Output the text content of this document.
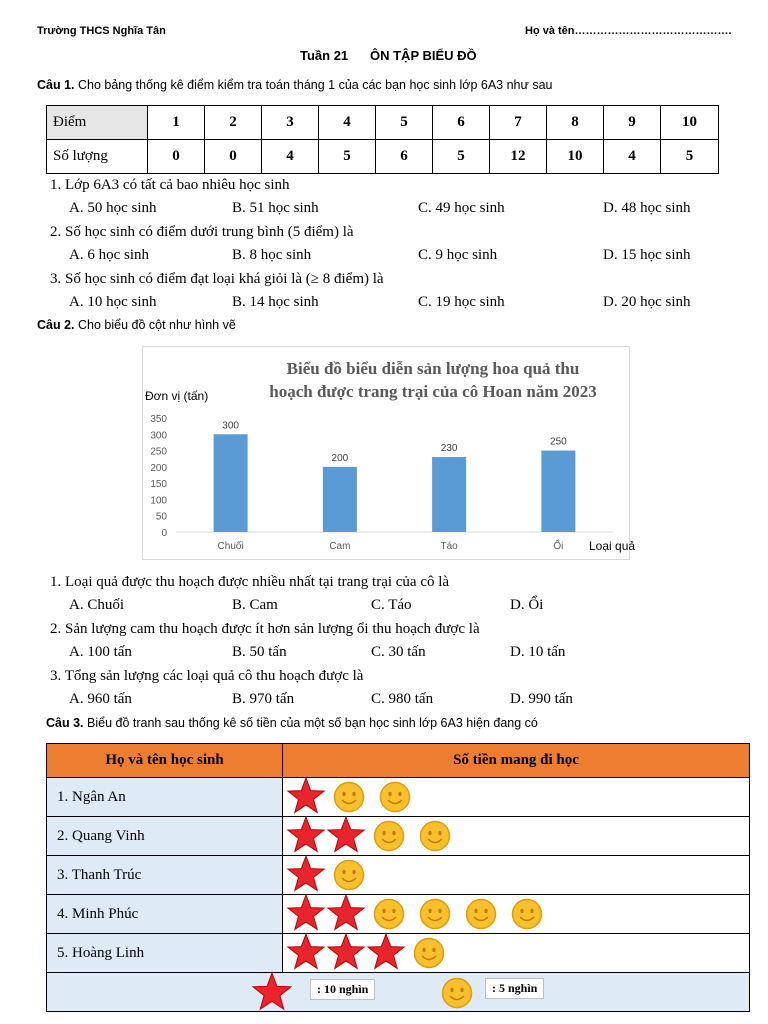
Trường THCS Nghĩa Tân	Họ và tên…………………………………….
Tuần 21 ÔN TẬP BIỂU ĐỒ
Câu 1. Cho bảng thống kê điểm kiểm tra toán tháng 1 của các bạn học sinh lớp 6A3 như sau
Điểm	1	2	3	4	5	6	7	8	9	10
Số lượng	0	0	4	5	6	5	12	10	4	5
1. Lớp 6A3 có tất cả bao nhiêu học sinh
A. 50 học sinh	B. 51 học sinh	C. 49 học sinh	D. 48 học sinh
2. Số học sinh có điểm dưới trung bình (5 điểm) là
A. 6 học sinh	B. 8 học sinh	C. 9 học sinh	D. 15 học sinh
3. Số học sinh có điểm đạt loại khá giỏi là (≥ 8 điểm) là
A. 10 học sinh	B. 14 học sinh	C. 19 học sinh	D. 20 học sinh
Câu 2. Cho biểu đồ cột như hình vẽ
Biểu đồ biểu diễn sản lượng hoa quả thu
hoạch được trang trại của cô Hoan năm 2023
Đơn vị (tấn)
Loại quả
0
50
100
150
200
250
300
350
300
Chuối
200
Cam
230
Táo
250
Ổi
1. Loại quả được thu hoạch được nhiều nhất tại trang trại của cô là
A. Chuối	B. Cam	C. Táo	D. Ổi
2. Sản lượng cam thu hoạch được ít hơn sản lượng ổi thu hoạch được là
A. 100 tấn	B. 50 tấn	C. 30 tấn	D. 10 tấn
3. Tổng sản lượng các loại quả cô thu hoạch được là
A. 960 tấn	B. 970 tấn	C. 980 tấn	D. 990 tấn
Câu 3. Biểu đồ tranh sau thống kê số tiền của một số bạn học sinh lớp 6A3 hiện đang có
Họ và tên học sinh	Số tiền mang đi học
1. Ngân An	

2. Quang Vinh	

3. Thanh Trúc	

4. Minh Phúc	

5. Hoàng Linh	

: 10 nghìn : 5 nghìn	
